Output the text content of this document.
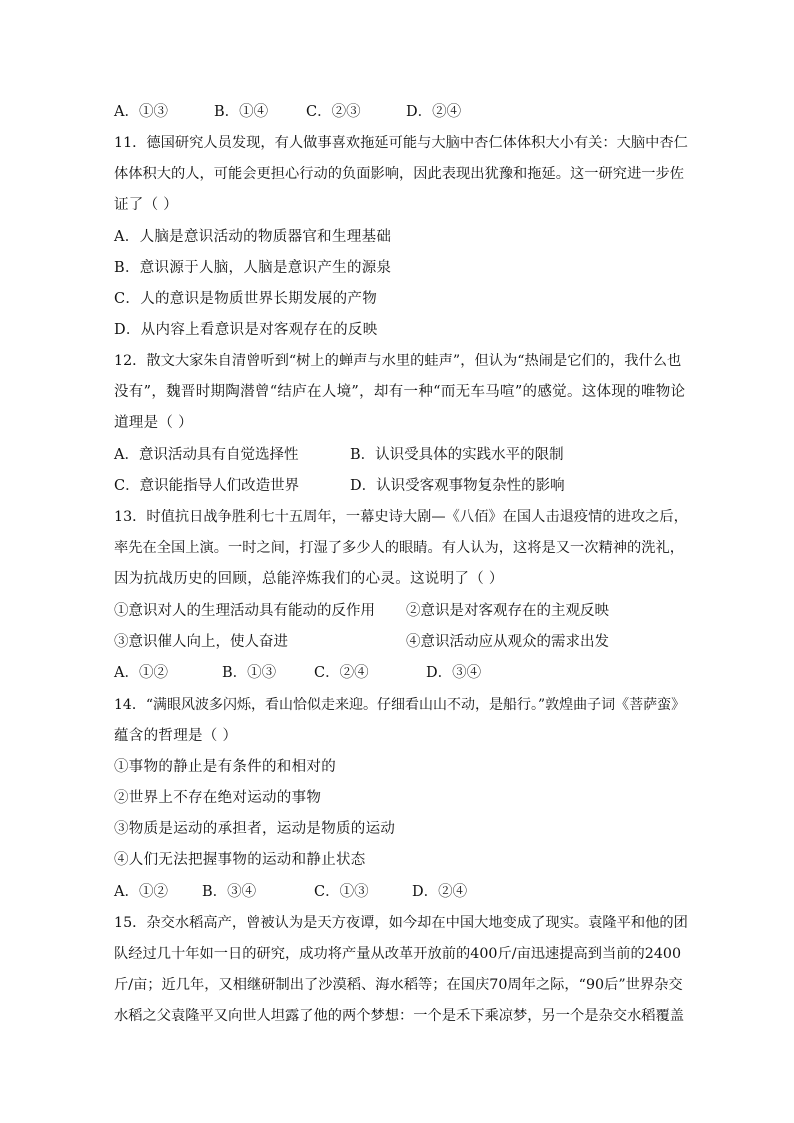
A．①③	B．①④	C．②③	D．②④
11．德国研究人员发现，有人做事喜欢拖延可能与大脑中杏仁体体积大小有关：大脑中杏仁
体体积大的人，可能会更担心行动的负面影响，因此表现出犹豫和拖延。这一研究进一步佐
证了（ ）
A．人脑是意识活动的物质器官和生理基础
B．意识源于人脑，人脑是意识产生的源泉
C．人的意识是物质世界长期发展的产物
D．从内容上看意识是对客观存在的反映
12．散文大家朱自清曾听到“树上的蝉声与水里的蛙声”，但认为“热闹是它们的，我什么也
没有”，魏晋时期陶潜曾“结庐在人境”，却有一种“而无车马喧”的感觉。这体现的唯物论
道理是（ ）
A．意识活动具有自觉选择性	B．认识受具体的实践水平的限制
C．意识能指导人们改造世界	D．认识受客观事物复杂性的影响
13．时值抗日战争胜利七十五周年，一幕史诗大剧—《八佰》在国人击退疫情的进攻之后，
率先在全国上演。一时之间，打湿了多少人的眼睛。有人认为，这将是又一次精神的洗礼，
因为抗战历史的回顾，总能淬炼我们的心灵。这说明了（ ）
①意识对人的生理活动具有能动的反作用 ②意识是对客观存在的主观反映
③意识催人向上，使人奋进	④意识活动应从观众的需求出发
A．①②	B．①③	C．②④	D．③④
14．“满眼风波多闪烁，看山恰似走来迎。仔细看山山不动，是船行。”敦煌曲子词《菩萨蛮》
蕴含的哲理是（ ）
①事物的静止是有条件的和相对的
②世界上不存在绝对运动的事物
③物质是运动的承担者，运动是物质的运动
④人们无法把握事物的运动和静止状态
A．①② B．③④	C．①③	D．②④
15．杂交水稻高产，曾被认为是天方夜谭，如今却在中国大地变成了现实。袁隆平和他的团
队经过几十年如一日的研究，成功将产量从改革开放前的400斤/亩迅速提高到当前的2400
斤/亩；近几年，又相继研制出了沙漠稻、海水稻等；在国庆70周年之际，“90后”世界杂交
水稻之父袁隆平又向世人坦露了他的两个梦想：一个是禾下乘凉梦，另一个是杂交水稻覆盖
